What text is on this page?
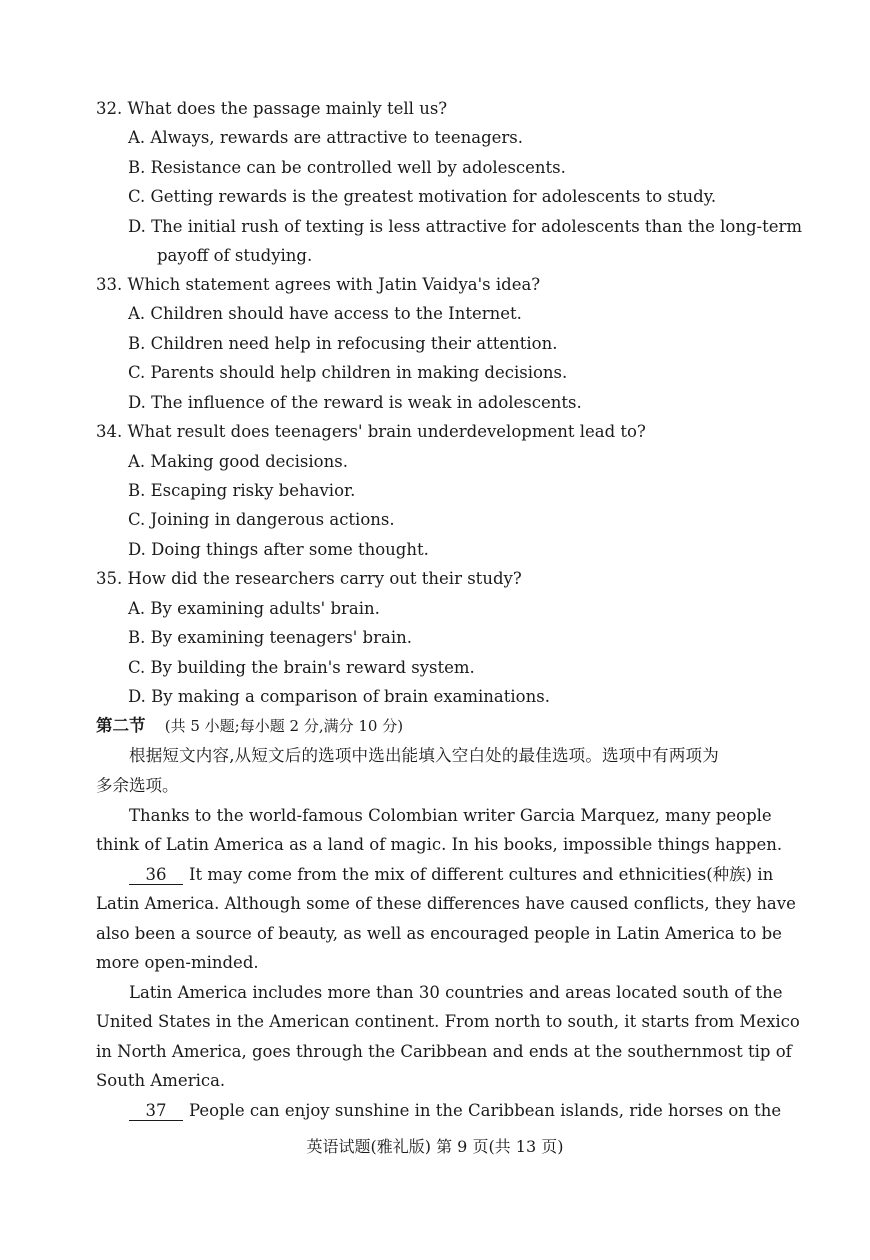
32. What does the passage mainly tell us?
A. Always, rewards are attractive to teenagers.
B. Resistance can be controlled well by adolescents.
C. Getting rewards is the greatest motivation for adolescents to study.
D. The initial rush of texting is less attractive for adolescents than the long-term
payoff of studying.
33. Which statement agrees with Jatin Vaidya's idea?
A. Children should have access to the Internet.
B. Children need help in refocusing their attention.
C. Parents should help children in making decisions.
D. The influence of the reward is weak in adolescents.
34. What result does teenagers' brain underdevelopment lead to?
A. Making good decisions.
B. Escaping risky behavior.
C. Joining in dangerous actions.
D. Doing things after some thought.
35. How did the researchers carry out their study?
A. By examining adults' brain.
B. By examining teenagers' brain.
C. By building the brain's reward system.
D. By making a comparison of brain examinations.
第二节 (共 5 小题;每小题 2 分,满分 10 分)
根据短文内容,从短文后的选项中选出能填入空白处的最佳选项。选项中有两项为
多余选项。
Thanks to the world-famous Colombian writer Garcia Marquez, many people
think of Latin America as a land of magic. In his books, impossible things happen.
36 It may come from the mix of different cultures and ethnicities(种族) in
Latin America. Although some of these differences have caused conflicts, they have
also been a source of beauty, as well as encouraged people in Latin America to be
more open-minded.
Latin America includes more than 30 countries and areas located south of the
United States in the American continent. From north to south, it starts from Mexico
in North America, goes through the Caribbean and ends at the southernmost tip of
South America.
37 People can enjoy sunshine in the Caribbean islands, ride horses on the
英语试题(雅礼版) 第 9 页(共 13 页)
